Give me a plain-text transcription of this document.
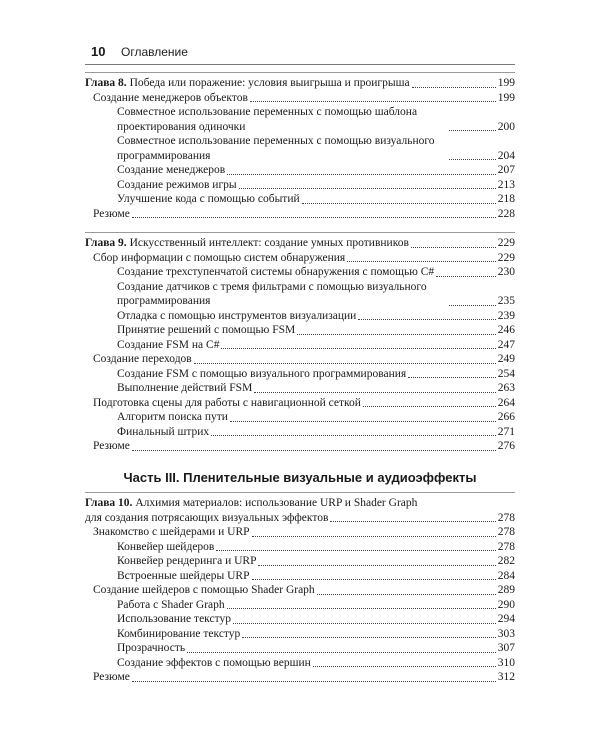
10 Оглавление
Глава 8. Победа или поражение: условия выигрыша и проигрыша	199
Создание менеджеров объектов	199
Совместное использование переменных с помощью шаблона проектирования одиночки	200
Совместное использование переменных с помощью визуального программирования	204
Создание менеджеров	207
Создание режимов игры	213
Улучшение кода с помощью событий	218
Резюме	228
Глава 9. Искусственный интеллект: создание умных противников	229
Сбор информации с помощью систем обнаружения	229
Создание трехступенчатой системы обнаружения с помощью C#	230
Создание датчиков с тремя фильтрами с помощью визуального программирования	235
Отладка с помощью инструментов визуализации	239
Принятие решений с помощью FSM	246
Создание FSM на C#	247
Создание переходов	249
Создание FSM с помощью визуального программирования	254
Выполнение действий FSM	263
Подготовка сцены для работы с навигационной сеткой	264
Алгоритм поиска пути	266
Финальный штрих	271
Резюме	276
Часть III. Пленительные визуальные и аудиоэффекты
Глава 10. Алхимия материалов: использование URP и Shader Graph
для создания потрясающих визуальных эффектов	278
Знакомство с шейдерами и URP	278
Конвейер шейдеров	278
Конвейер рендеринга и URP	282
Встроенные шейдеры URP	284
Создание шейдеров с помощью Shader Graph	289
Работа с Shader Graph	290
Использование текстур	294
Комбинирование текстур	303
Прозрачность	307
Создание эффектов с помощью вершин	310
Резюме	312
